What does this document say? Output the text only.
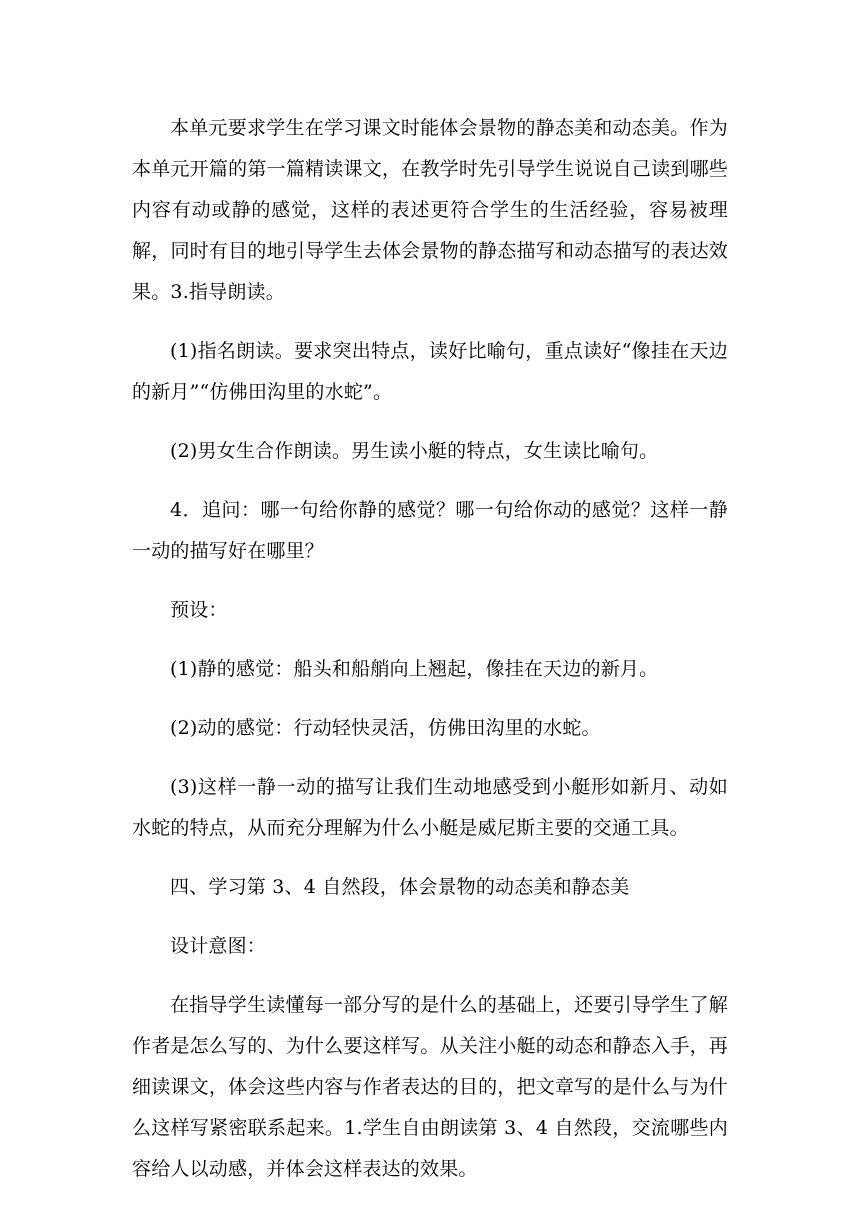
本单元要求学生在学习课文时能体会景物的静态美和动态美。作为本单元开篇的第一篇精读课文，在教学时先引导学生说说自己读到哪些内容有动或静的感觉，这样的表述更符合学生的生活经验，容易被理解，同时有目的地引导学生去体会景物的静态描写和动态描写的表达效果。3.指导朗读。

(1)指名朗读。要求突出特点，读好比喻句，重点读好“像挂在天边的新月”“仿佛田沟里的水蛇”。

(2)男女生合作朗读。男生读小艇的特点，女生读比喻句。

4．追问：哪一句给你静的感觉？哪一句给你动的感觉？这样一静一动的描写好在哪里？

预设：

(1)静的感觉：船头和船艄向上翘起，像挂在天边的新月。

(2)动的感觉：行动轻快灵活，仿佛田沟里的水蛇。

(3)这样一静一动的描写让我们生动地感受到小艇形如新月、动如水蛇的特点，从而充分理解为什么小艇是威尼斯主要的交通工具。

四、学习第 3、4 自然段，体会景物的动态美和静态美

设计意图：

在指导学生读懂每一部分写的是什么的基础上，还要引导学生了解作者是怎么写的、为什么要这样写。从关注小艇的动态和静态入手，再细读课文，体会这些内容与作者表达的目的，把文章写的是什么与为什么这样写紧密联系起来。1.学生自由朗读第 3、4 自然段，交流哪些内容给人以动感，并体会这样表达的效果。
